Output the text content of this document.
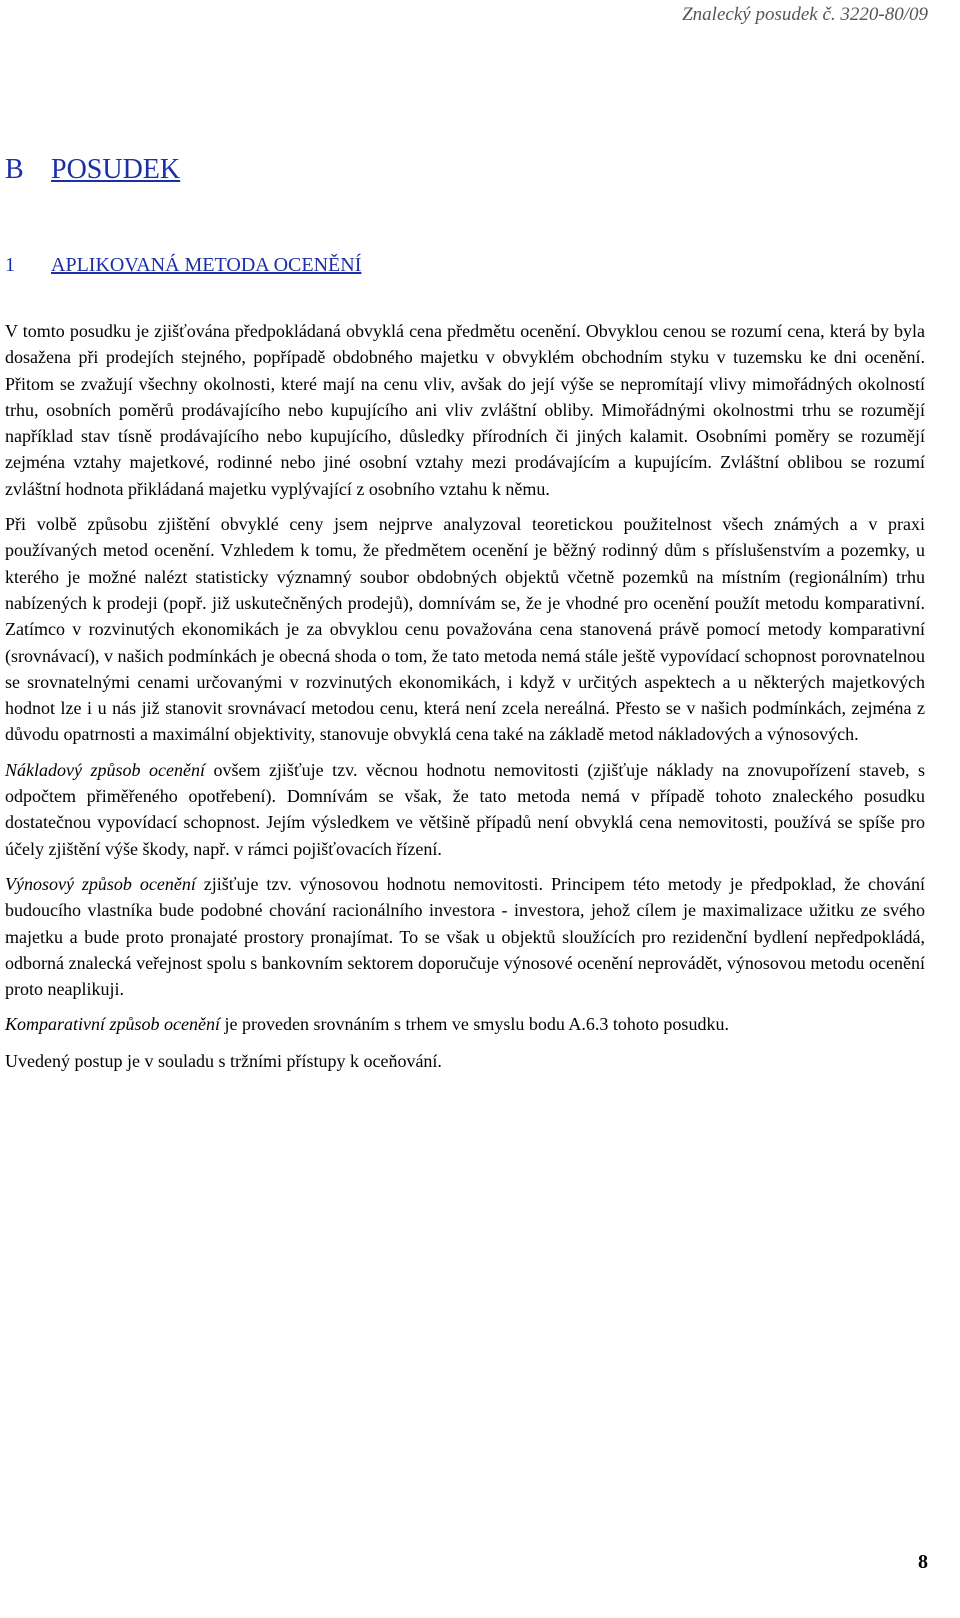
Znalecký posudek č. 3220-80/09
B POSUDEK
1 APLIKOVANÁ METODA OCENĚNÍ

V tomto posudku je zjišťována předpokládaná obvyklá cena předmětu ocenění. Obvyklou cenou se rozumí cena, která by byla dosažena při prodejích stejného, popřípadě obdobného majetku v obvyklém obchodním styku v tuzemsku ke dni ocenění. Přitom se zvažují všechny okolnosti, které mají na cenu vliv, avšak do její výše se nepromítají vlivy mimořádných okolností trhu, osobních poměrů prodávajícího nebo kupujícího ani vliv zvláštní obliby. Mimořádnými okolnostmi trhu se rozumějí například stav tísně prodávajícího nebo kupujícího, důsledky přírodních či jiných kalamit. Osobními poměry se rozumějí zejména vztahy majetkové, rodinné nebo jiné osobní vztahy mezi prodávajícím a kupujícím. Zvláštní oblibou se rozumí zvláštní hodnota přikládaná majetku vyplývající z osobního vztahu k němu.

Při volbě způsobu zjištění obvyklé ceny jsem nejprve analyzoval teoretickou použitelnost všech známých a v praxi používaných metod ocenění. Vzhledem k tomu, že předmětem ocenění je běžný rodinný dům s příslušenstvím a pozemky, u kterého je možné nalézt statisticky významný soubor obdobných objektů včetně pozemků na místním (regionálním) trhu nabízených k prodeji (popř. již uskutečněných prodejů), domnívám se, že je vhodné pro ocenění použít metodu komparativní. Zatímco v rozvinutých ekonomikách je za obvyklou cenu považována cena stanovená právě pomocí metody komparativní (srovnávací), v našich podmínkách je obecná shoda o tom, že tato metoda nemá stále ještě vypovídací schopnost porovnatelnou se srovnatelnými cenami určovanými v rozvinutých ekonomikách, i když v určitých aspektech a u některých majetkových hodnot lze i u nás již stanovit srovnávací metodou cenu, která není zcela nereálná. Přesto se v našich podmínkách, zejména z důvodu opatrnosti a maximální objektivity, stanovuje obvyklá cena také na základě metod nákladových a výnosových.

Nákladový způsob ocenění ovšem zjišťuje tzv. věcnou hodnotu nemovitosti (zjišťuje náklady na znovupořízení staveb, s odpočtem přiměřeného opotřebení). Domnívám se však, že tato metoda nemá v případě tohoto znaleckého posudku dostatečnou vypovídací schopnost. Jejím výsledkem ve většině případů není obvyklá cena nemovitosti, používá se spíše pro účely zjištění výše škody, např. v rámci pojišťovacích řízení.

Výnosový způsob ocenění zjišťuje tzv. výnosovou hodnotu nemovitosti. Principem této metody je předpoklad, že chování budoucího vlastníka bude podobné chování racionálního investora - investora, jehož cílem je maximalizace užitku ze svého majetku a bude proto pronajaté prostory pronajímat. To se však u objektů sloužících pro rezidenční bydlení nepředpokládá, odborná znalecká veřejnost spolu s bankovním sektorem doporučuje výnosové ocenění neprovádět, výnosovou metodu ocenění proto neaplikuji.

Komparativní způsob ocenění je proveden srovnáním s trhem ve smyslu bodu A.6.3 tohoto posudku.

Uvedený postup je v souladu s tržními přístupy k oceňování.

8
